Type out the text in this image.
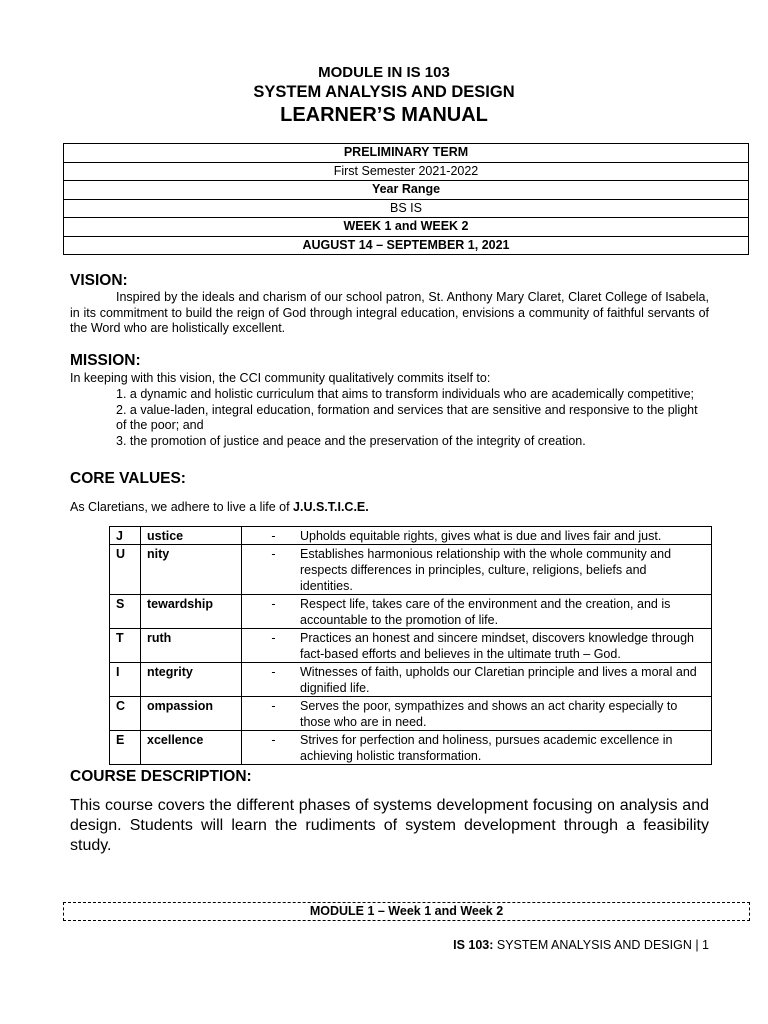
MODULE IN IS 103
SYSTEM ANALYSIS AND DESIGN
LEARNER’S MANUAL
PRELIMINARY TERM
First Semester 2021-2022
Year Range
BS IS
WEEK 1 and WEEK 2
AUGUST 14 – SEPTEMBER 1, 2021
VISION:
Inspired by the ideals and charism of our school patron, St. Anthony Mary Claret, Claret College of Isabela, in its commitment to build the reign of God through integral education, envisions a community of faithful servants of the Word who are holistically excellent.
MISSION:
In keeping with this vision, the CCI community qualitatively commits itself to:
1. a dynamic and holistic curriculum that aims to transform individuals who are academically competitive;
2. a value-laden, integral education, formation and services that are sensitive and responsive to the plight of the poor; and
3. the promotion of justice and peace and the preservation of the integrity of creation.
CORE VALUES:
As Claretians, we adhere to live a life of J.U.S.T.I.C.E.
J	ustice	- Upholds equitable rights, gives what is due and lives fair and just.

U	nity	- Establishes harmonious relationship with the whole community and respects differences in principles, culture, religions, beliefs and identities.

S	tewardship	- Respect life, takes care of the environment and the creation, and is accountable to the promotion of life.

T	ruth	- Practices an honest and sincere mindset, discovers knowledge through fact-based efforts and believes in the ultimate truth – God.

I	ntegrity	- Witnesses of faith, upholds our Claretian principle and lives a moral and dignified life.

C	ompassion	- Serves the poor, sympathizes and shows an act charity especially to those who are in need.

E	xcellence	- Strives for perfection and holiness, pursues academic excellence in achieving holistic transformation.
COURSE DESCRIPTION:
This course covers the different phases of systems development focusing on analysis and design. Students will learn the rudiments of system development through a feasibility study.
MODULE 1 – Week 1 and Week 2
IS 103: SYSTEM ANALYSIS AND DESIGN | 1
